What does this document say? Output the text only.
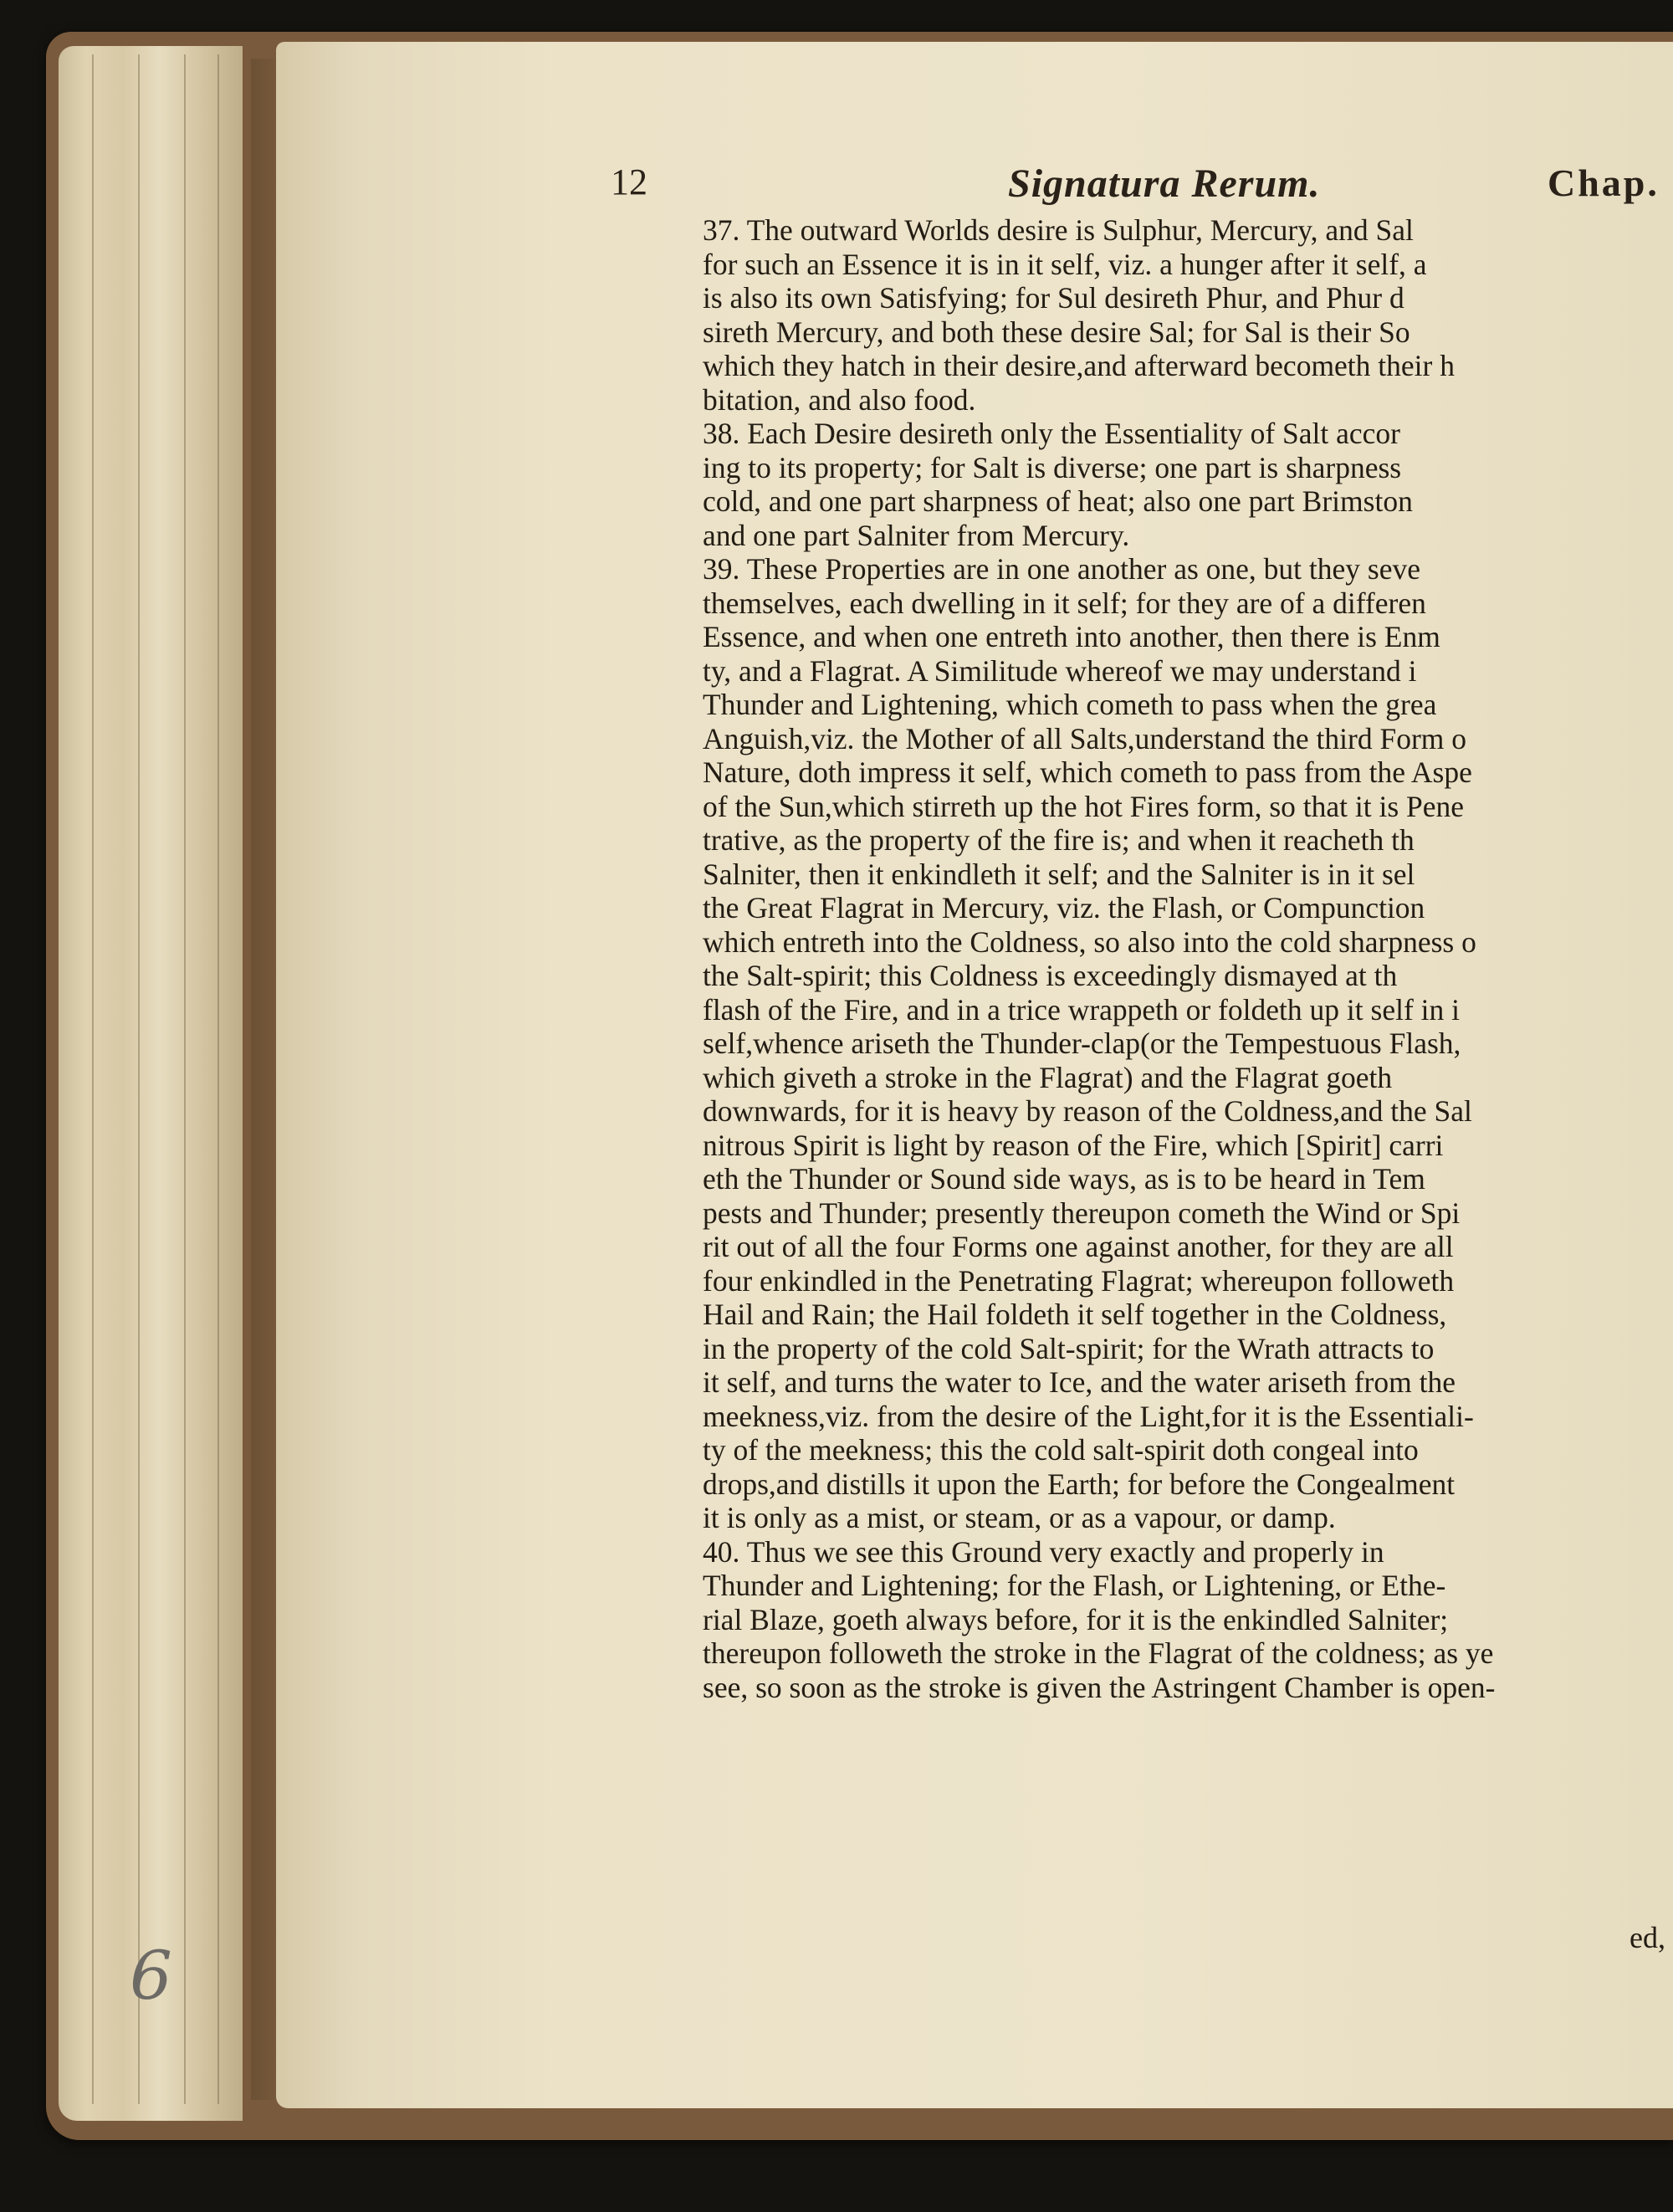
12	Signatura Rerum.	Chap.
37. The outward Worlds desire is Sulphur, Mercury, and Sal
for such an Essence it is in it self, viz. a hunger after it self, a
is also its own Satisfying; for Sul desireth Phur, and Phur d
sireth Mercury, and both these desire Sal; for Sal is their So
which they hatch in their desire,and afterward becometh their h
bitation, and also food.
38. Each Desire desireth only the Essentiality of Salt accor
ing to its property; for Salt is diverse; one part is sharpness
cold, and one part sharpness of heat; also one part Brimston
and one part Salniter from Mercury.
39. These Properties are in one another as one, but they seve
themselves, each dwelling in it self; for they are of a differen
Essence, and when one entreth into another, then there is Enm
ty, and a Flagrat. A Similitude whereof we may understand i
Thunder and Lightening, which cometh to pass when the grea
Anguish,viz. the Mother of all Salts,understand the third Form o
Nature, doth impress it self, which cometh to pass from the Aspe
of the Sun,which stirreth up the hot Fires form, so that it is Pene
trative, as the property of the fire is; and when it reacheth th
Salniter, then it enkindleth it self; and the Salniter is in it sel
the Great Flagrat in Mercury, viz. the Flash, or Compunction
which entreth into the Coldness, so also into the cold sharpness o
the Salt-spirit; this Coldness is exceedingly dismayed at th
flash of the Fire, and in a trice wrappeth or foldeth up it self in i
self,whence ariseth the Thunder-clap(or the Tempestuous Flash,
which giveth a stroke in the Flagrat) and the Flagrat goeth
downwards, for it is heavy by reason of the Coldness,and the Sal
nitrous Spirit is light by reason of the Fire, which [Spirit] carri
eth the Thunder or Sound side ways, as is to be heard in Tem
pests and Thunder; presently thereupon cometh the Wind or Spi
rit out of all the four Forms one against another, for they are all
four enkindled in the Penetrating Flagrat; whereupon followeth
Hail and Rain; the Hail foldeth it self together in the Coldness,
in the property of the cold Salt-spirit; for the Wrath attracts to
it self, and turns the water to Ice, and the water ariseth from the
meekness,viz. from the desire of the Light,for it is the Essentiali-
ty of the meekness; this the cold salt-spirit doth congeal into
drops,and distills it upon the Earth; for before the Congealment
it is only as a mist, or steam, or as a vapour, or damp.
40. Thus we see this Ground very exactly and properly in
Thunder and Lightening; for the Flash, or Lightening, or Ethe-
rial Blaze, goeth always before, for it is the enkindled Salniter;
thereupon followeth the stroke in the Flagrat of the coldness; as ye
see, so soon as the stroke is given the Astringent Chamber is open-
ed,
6
